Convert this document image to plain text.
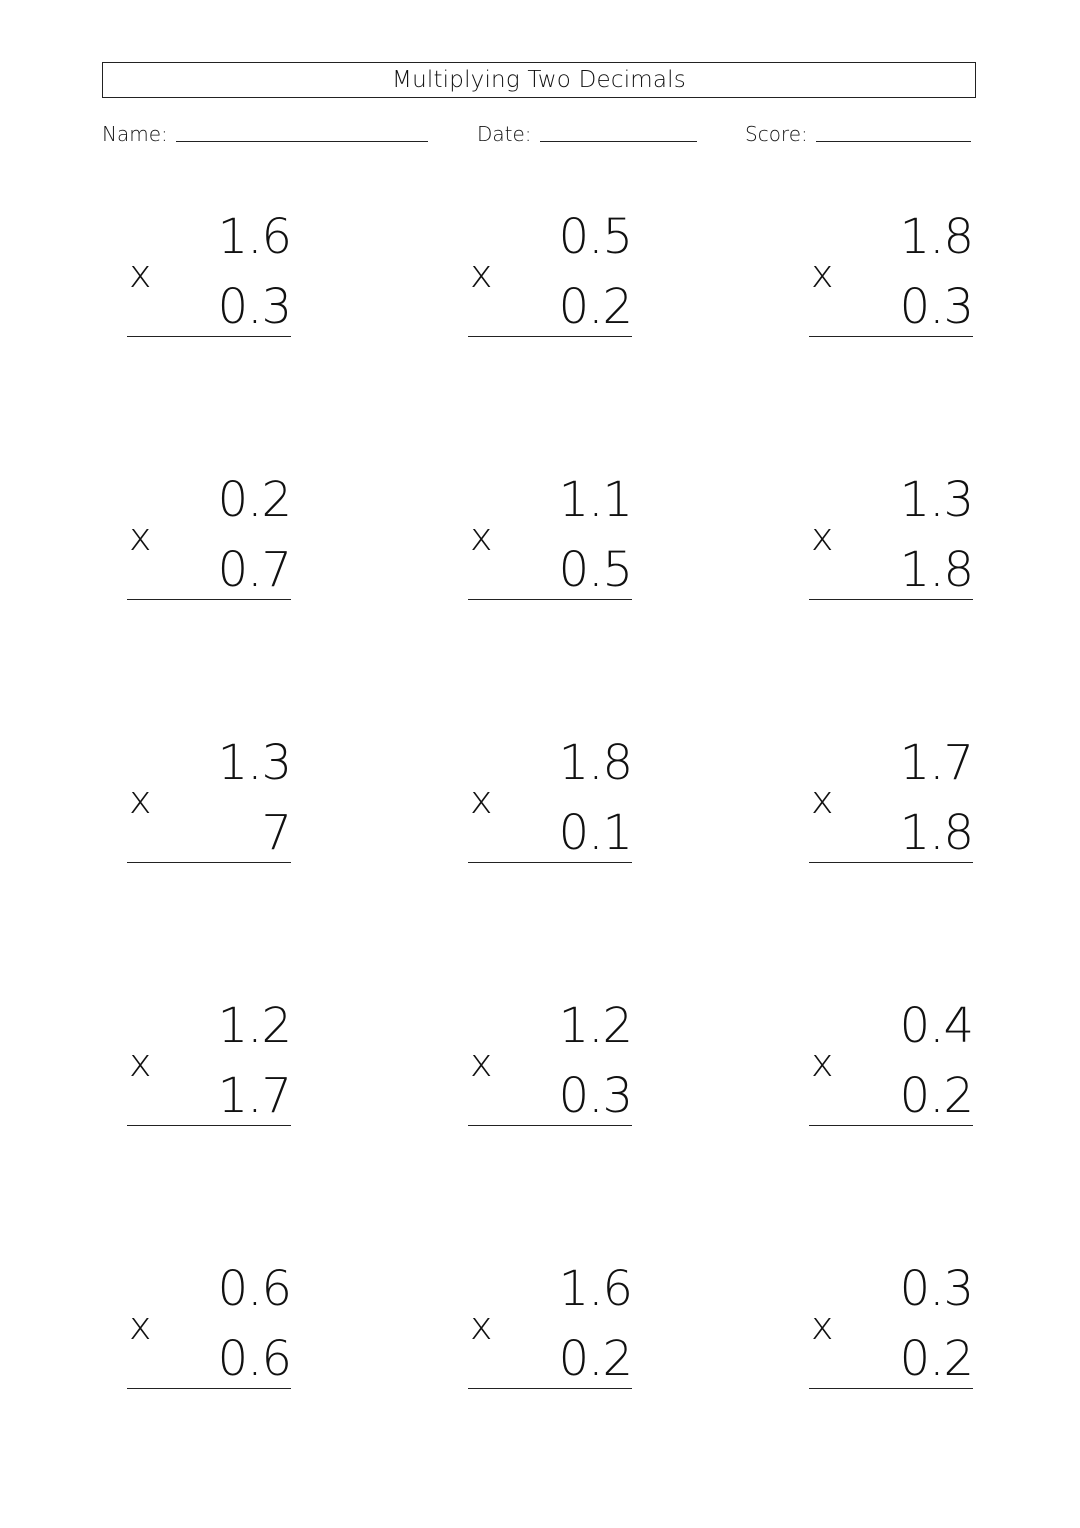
Multiplying Two Decimals
Name:	Date:	Score:
1.6
x
0.3
0.5
x
0.2
1.8
x
0.3
0.2
x
0.7
1.1
x
0.5
1.3
x
1.8
1.3
x
7
1.8
x
0.1
1.7
x
1.8
1.2
x
1.7
1.2
x
0.3
0.4
x
0.2
0.6
x
0.6
1.6
x
0.2
0.3
x
0.2
